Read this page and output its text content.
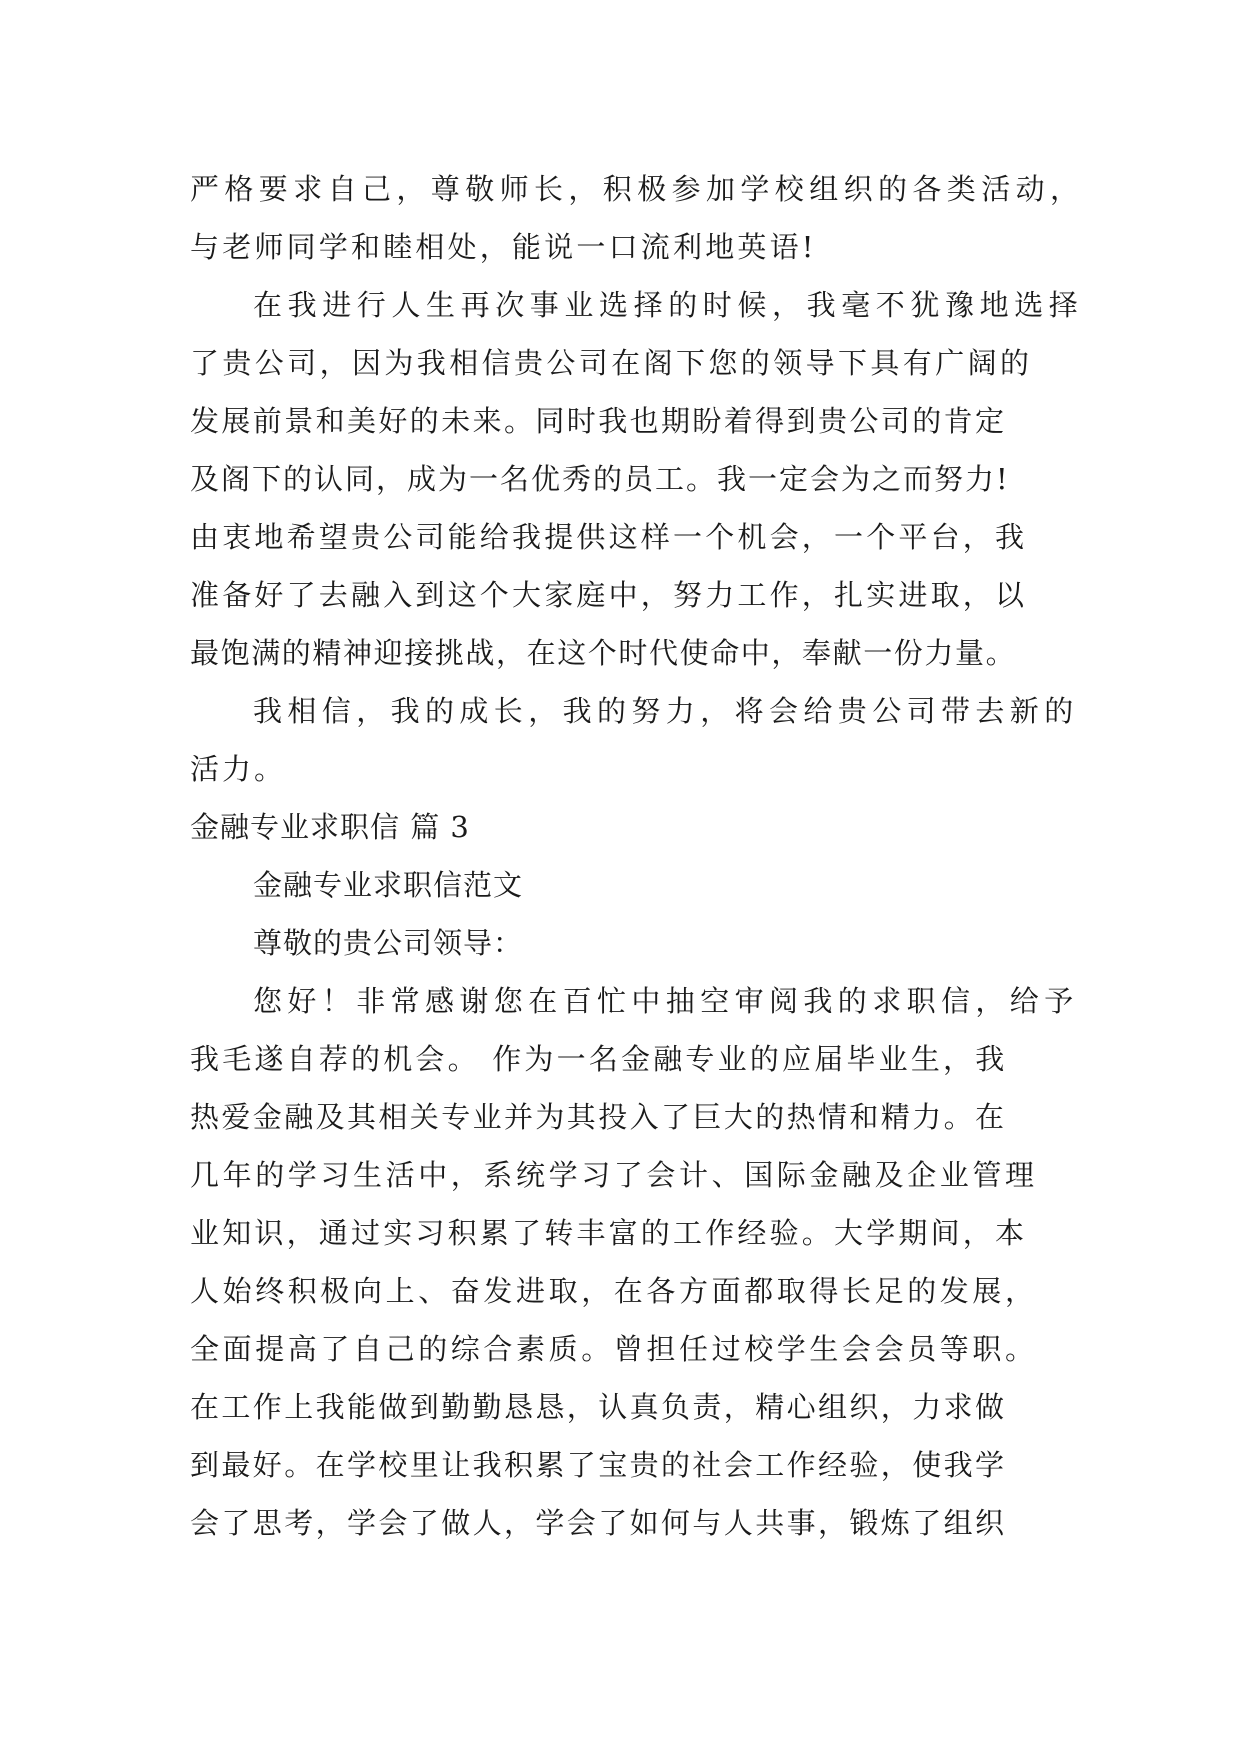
严格要求自己，尊敬师长，积极参加学校组织的各类活动，
与老师同学和睦相处，能说一口流利地英语!
在我进行人生再次事业选择的时候，我毫不犹豫地选择
了贵公司，因为我相信贵公司在阁下您的领导下具有广阔的
发展前景和美好的未来。同时我也期盼着得到贵公司的肯定
及阁下的认同，成为一名优秀的员工。我一定会为之而努力!
由衷地希望贵公司能给我提供这样一个机会，一个平台，我
准备好了去融入到这个大家庭中，努力工作，扎实进取，以
最饱满的精神迎接挑战，在这个时代使命中，奉献一份力量。
我相信，我的成长，我的努力，将会给贵公司带去新的
活力。
金融专业求职信 篇 3
金融专业求职信范文
尊敬的贵公司领导：
您好！非常感谢您在百忙中抽空审阅我的求职信，给予
我毛遂自荐的机会。 作为一名金融专业的应届毕业生，我
热爱金融及其相关专业并为其投入了巨大的热情和精力。在
几年的学习生活中，系统学习了会计、国际金融及企业管理
业知识，通过实习积累了转丰富的工作经验。大学期间，本
人始终积极向上、奋发进取，在各方面都取得长足的发展，
全面提高了自己的综合素质。曾担任过校学生会会员等职。
在工作上我能做到勤勤恳恳，认真负责，精心组织，力求做
到最好。在学校里让我积累了宝贵的社会工作经验，使我学
会了思考，学会了做人，学会了如何与人共事，锻炼了组织
